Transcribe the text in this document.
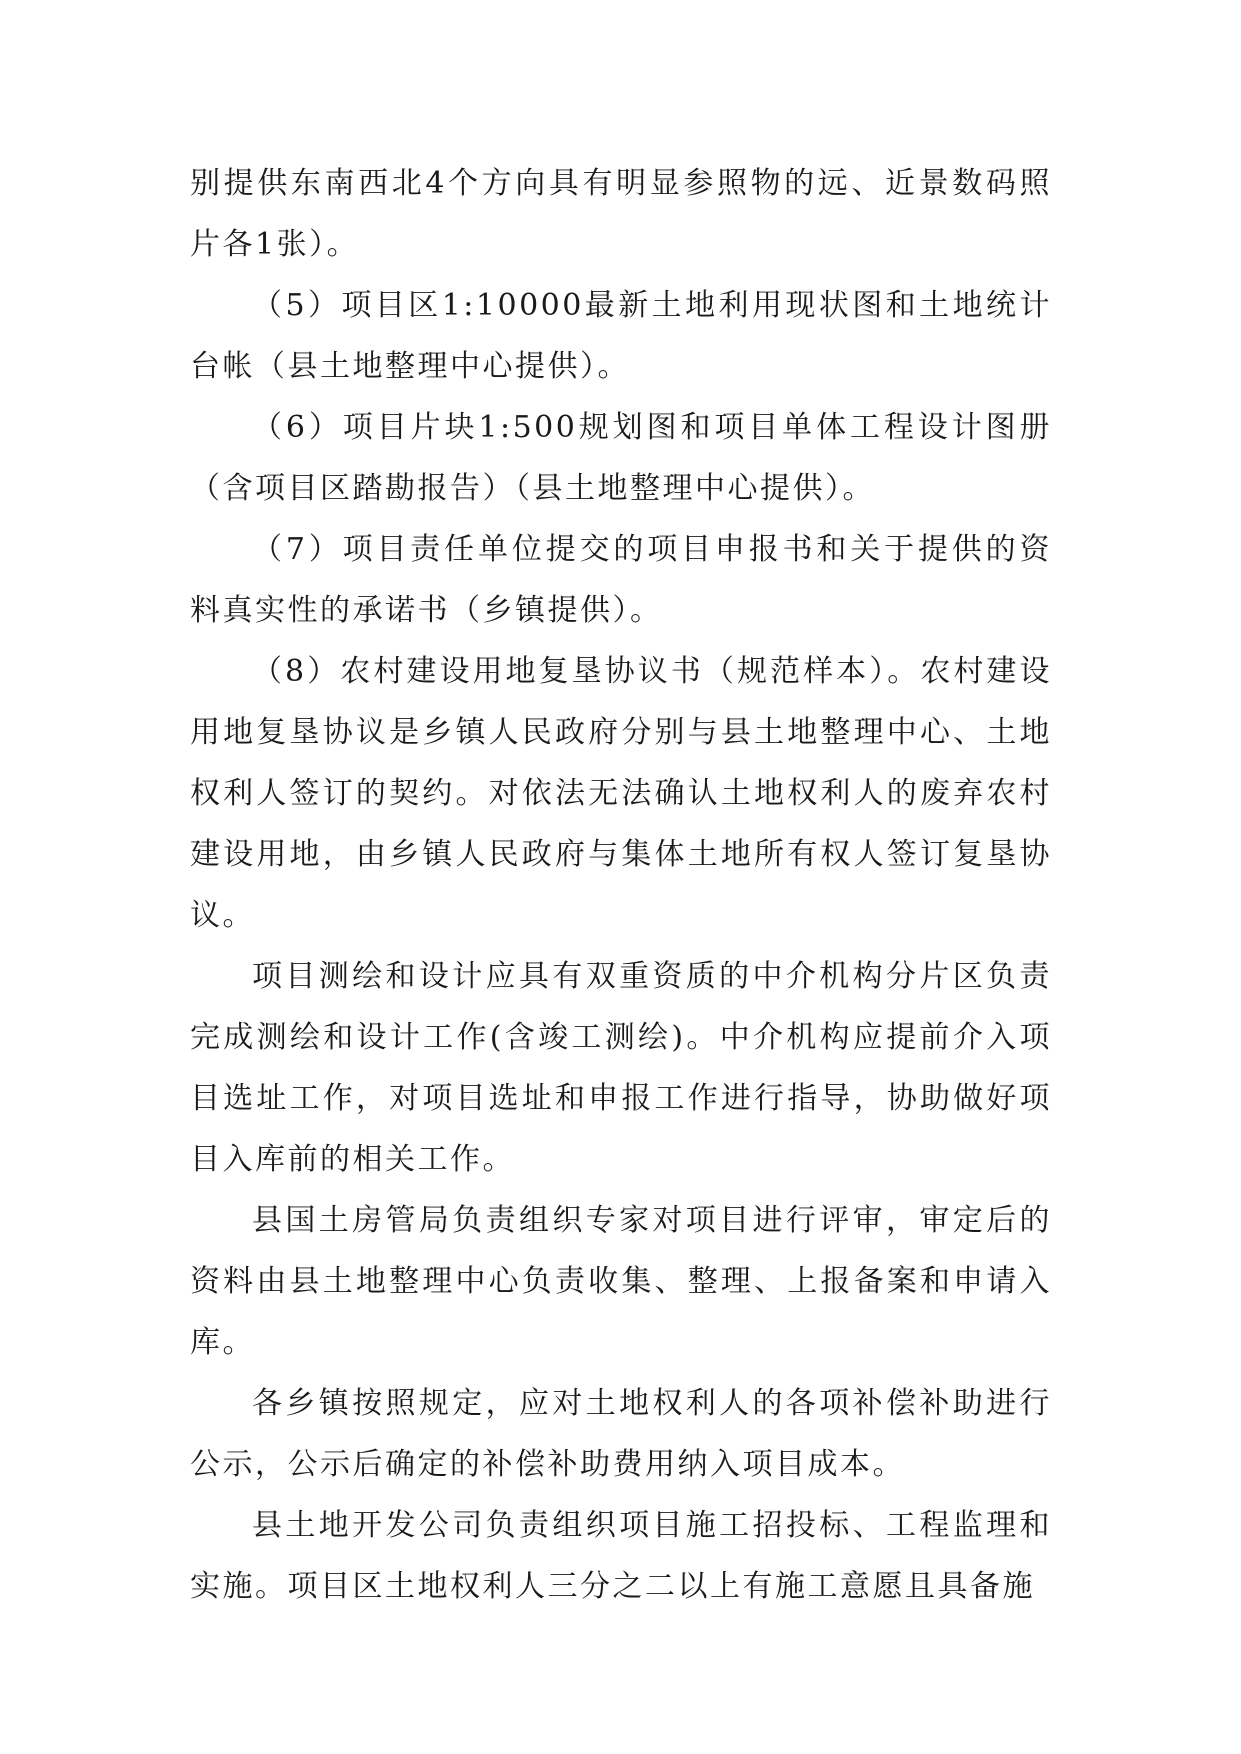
别提供东南西北4个方向具有明显参照物的远、近景数码照片各1张）。

（5）项目区1:10000最新土地利用现状图和土地统计台帐（县土地整理中心提供）。

（6）项目片块1:500规划图和项目单体工程设计图册（含项目区踏勘报告）（县土地整理中心提供）。

（7）项目责任单位提交的项目申报书和关于提供的资料真实性的承诺书（乡镇提供）。

（8）农村建设用地复垦协议书（规范样本）。农村建设用地复垦协议是乡镇人民政府分别与县土地整理中心、土地权利人签订的契约。对依法无法确认土地权利人的废弃农村建设用地，由乡镇人民政府与集体土地所有权人签订复垦协议。

项目测绘和设计应具有双重资质的中介机构分片区负责完成测绘和设计工作(含竣工测绘)。中介机构应提前介入项目选址工作，对项目选址和申报工作进行指导，协助做好项目入库前的相关工作。

县国土房管局负责组织专家对项目进行评审，审定后的资料由县土地整理中心负责收集、整理、上报备案和申请入库。

各乡镇按照规定，应对土地权利人的各项补偿补助进行公示，公示后确定的补偿补助费用纳入项目成本。

县土地开发公司负责组织项目施工招投标、工程监理和实施。项目区土地权利人三分之二以上有施工意愿且具备施
